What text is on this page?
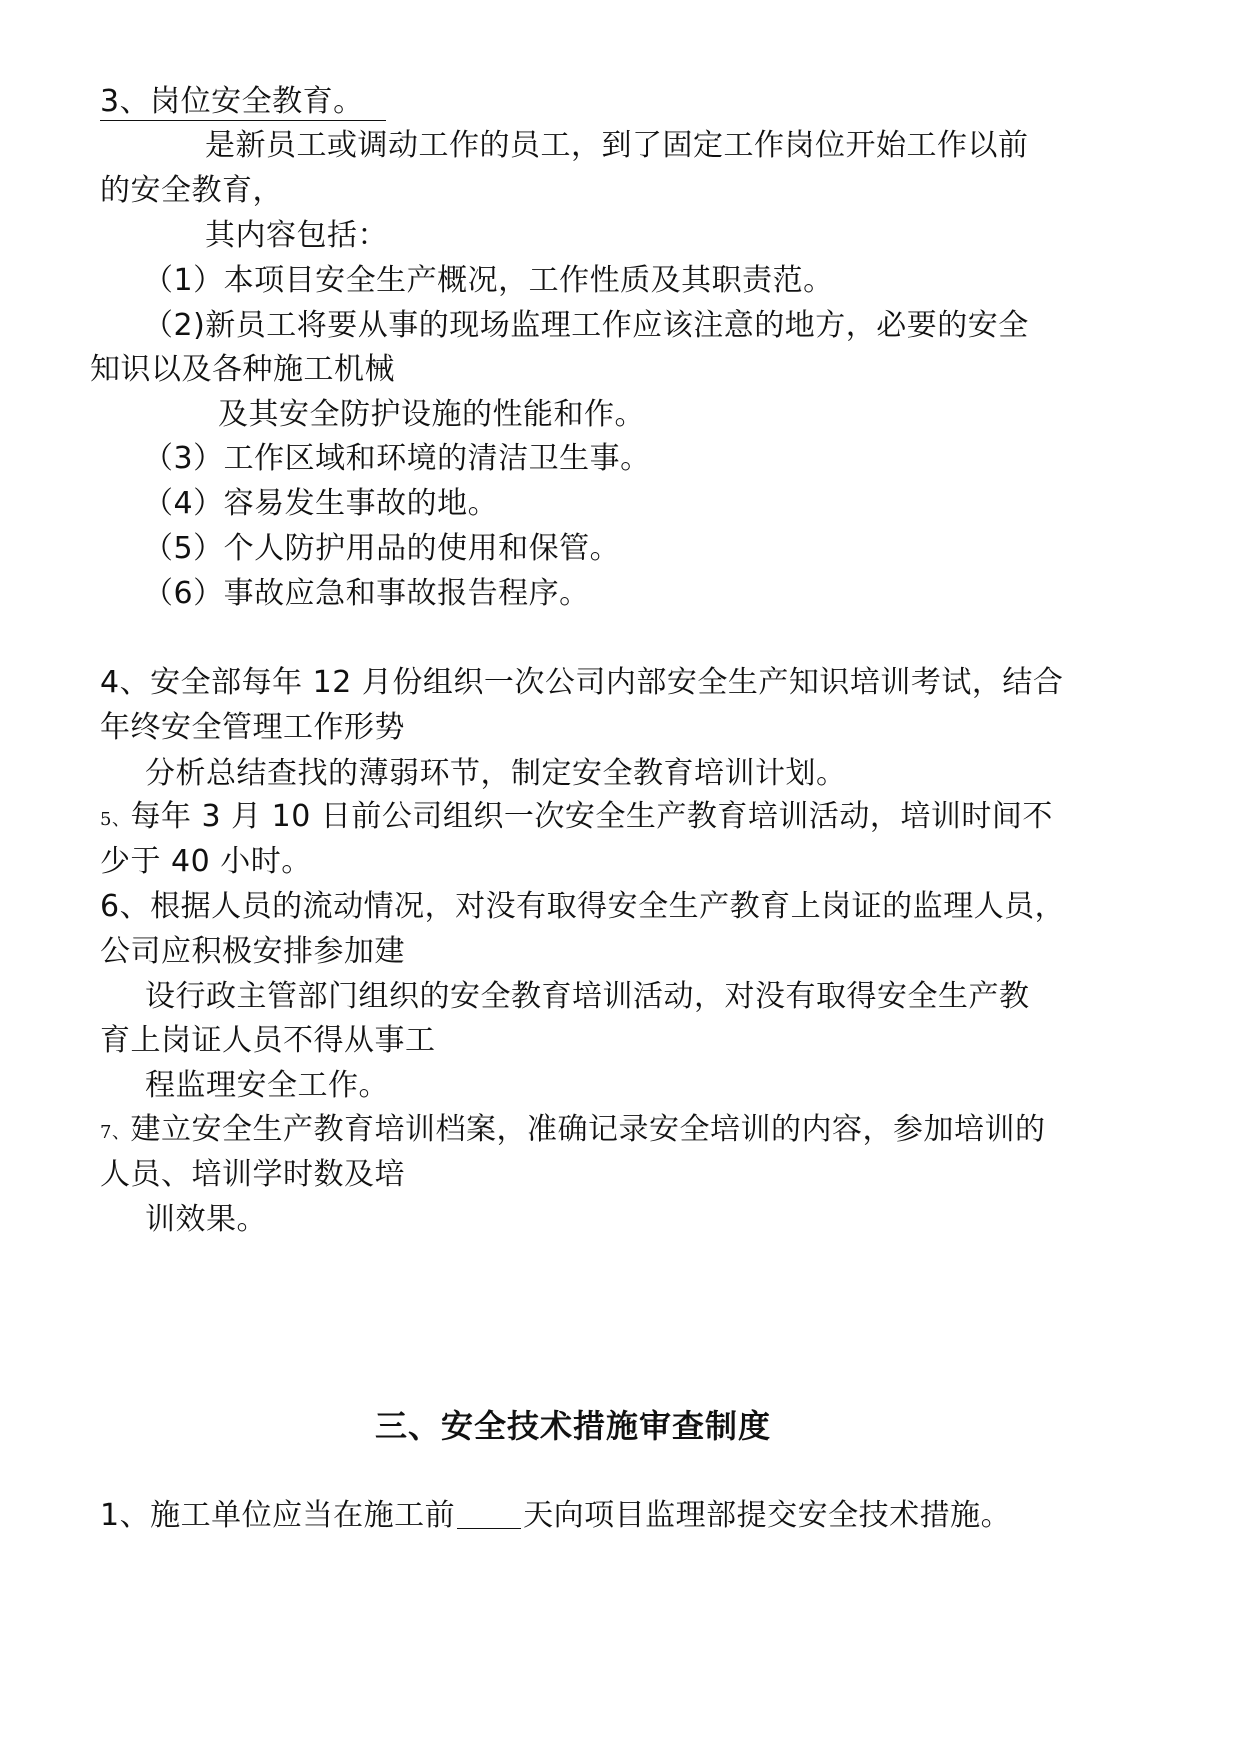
3、岗位安全教育。
是新员工或调动工作的员工，到了固定工作岗位开始工作以前
的安全教育，
其内容包括：
（1）本项目安全生产概况，工作性质及其职责范。
（2)新员工将要从事的现场监理工作应该注意的地方，必要的安全
知识以及各种施工机械
及其安全防护设施的性能和作。
（3）工作区域和环境的清洁卫生事。
（4）容易发生事故的地。
（5）个人防护用品的使用和保管。
（6）事故应急和事故报告程序。
4、安全部每年 12 月份组织一次公司内部安全生产知识培训考试，结合
年终安全管理工作形势
分析总结查找的薄弱环节，制定安全教育培训计划。
5、每年 3 月 10 日前公司组织一次安全生产教育培训活动，培训时间不
少于 40 小时。
6、根据人员的流动情况，对没有取得安全生产教育上岗证的监理人员，
公司应积极安排参加建
设行政主管部门组织的安全教育培训活动，对没有取得安全生产教
育上岗证人员不得从事工
程监理安全工作。
7、建立安全生产教育培训档案，准确记录安全培训的内容，参加培训的
人员、培训学时数及培
训效果。
三、安全技术措施审查制度
1、施工单位应当在施工前 天向项目监理部提交安全技术措施。
